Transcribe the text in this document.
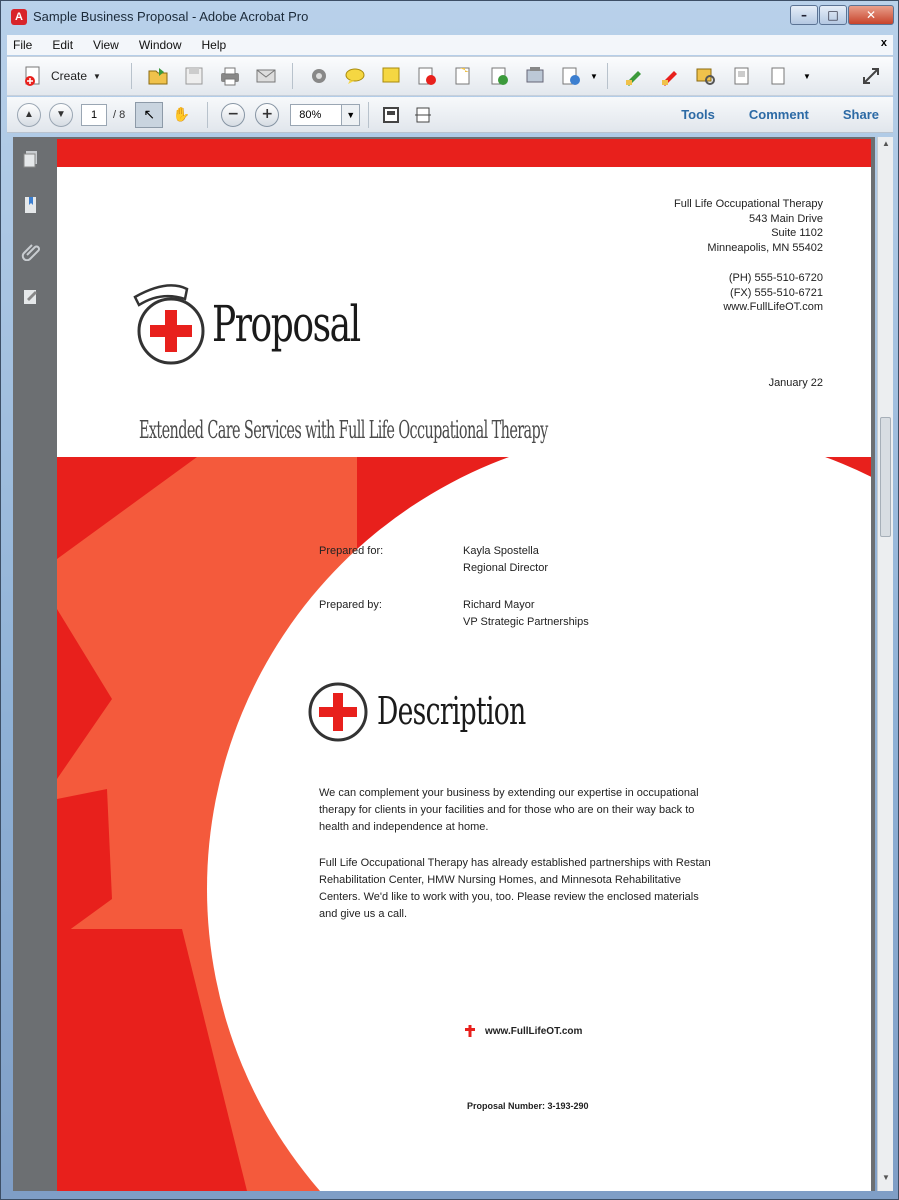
A Sample Business Proposal - Adobe Acrobat Pro	–	□	✕
File Edit View Window Help	x
Create ▼	▼	▼
▲	▼	1	/ 8 ↖ ✋	−	+	80%	▼	Tools	Comment	Share
Full Life Occupational Therapy
543 Main Drive
Suite 1102
Minneapolis, MN 55402
(PH) 555-510-6720
(FX) 555-510-6721
www.FullLifeOT.com
Proposal
January 22
Extended Care Services with Full Life Occupational Therapy
Prepared for:	Kayla Spostella
Regional Director
Prepared by:	Richard Mayor
VP Strategic Partnerships
Description
We can complement your business by extending our expertise in occupational therapy for clients in your facilities and for those who are on their way back to health and independence at home.
Full Life Occupational Therapy has already established partnerships with Restan Rehabilitation Center, HMW Nursing Homes, and Minnesota Rehabilitative Centers. We'd like to work with you, too. Please review the enclosed materials and give us a call.
www.FullLifeOT.com
Proposal Number: 3-193-290
▲
▼
